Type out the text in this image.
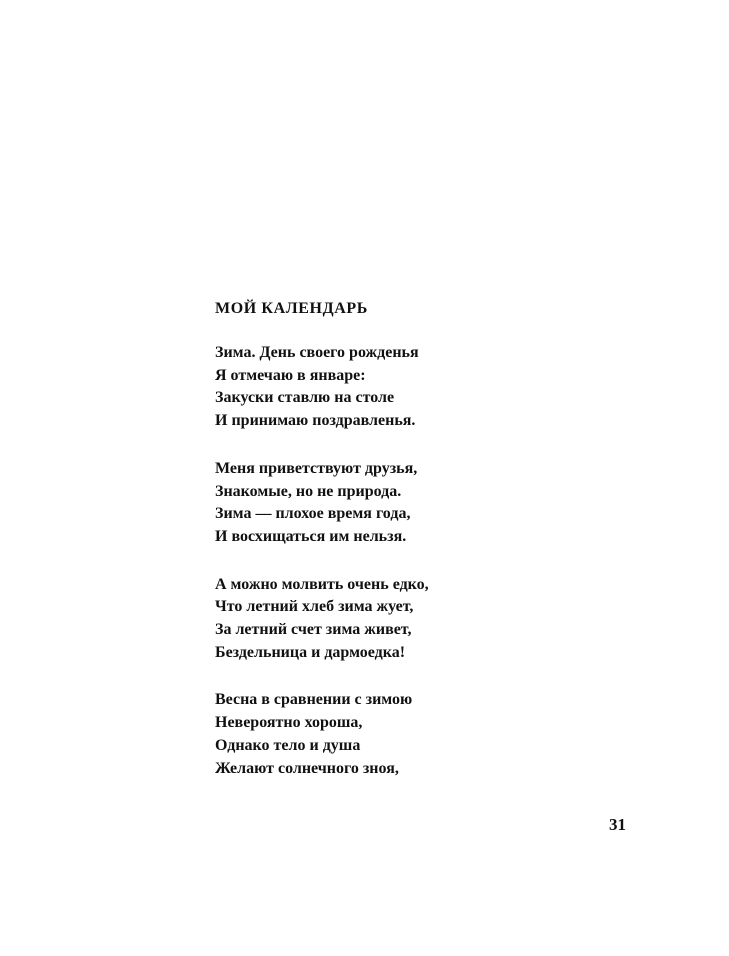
МОЙ КАЛЕНДАРЬ
Зима. День своего рожденья
Я отмечаю в январе:
Закуски ставлю на столе
И принимаю поздравленья.
Меня приветствуют друзья,
Знакомые, но не природа.
Зима — плохое время года,
И восхищаться им нельзя.
А можно молвить очень едко,
Что летний хлеб зима жует,
За летний счет зима живет,
Бездельница и дармоедка!
Весна в сравнении с зимою
Невероятно хороша,
Однако тело и душа
Желают солнечного зноя,
31
